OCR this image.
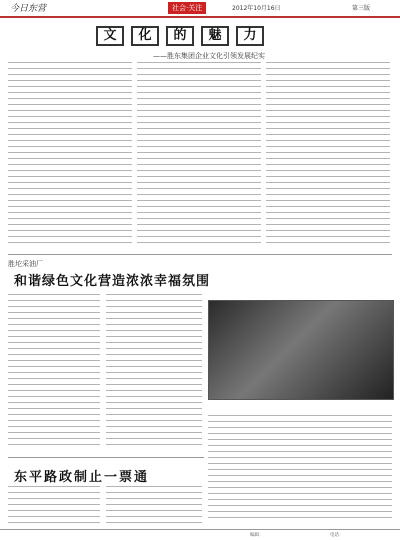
今日东营	社会·关注	2012年10月16日	第三版
文 化 的 魅 力
——胜东集团企业文化引领发展纪实
胜坨采油厂
和谐绿色文化营造浓浓幸福氛围
东平路政制止一票通
编辑：	电话：
